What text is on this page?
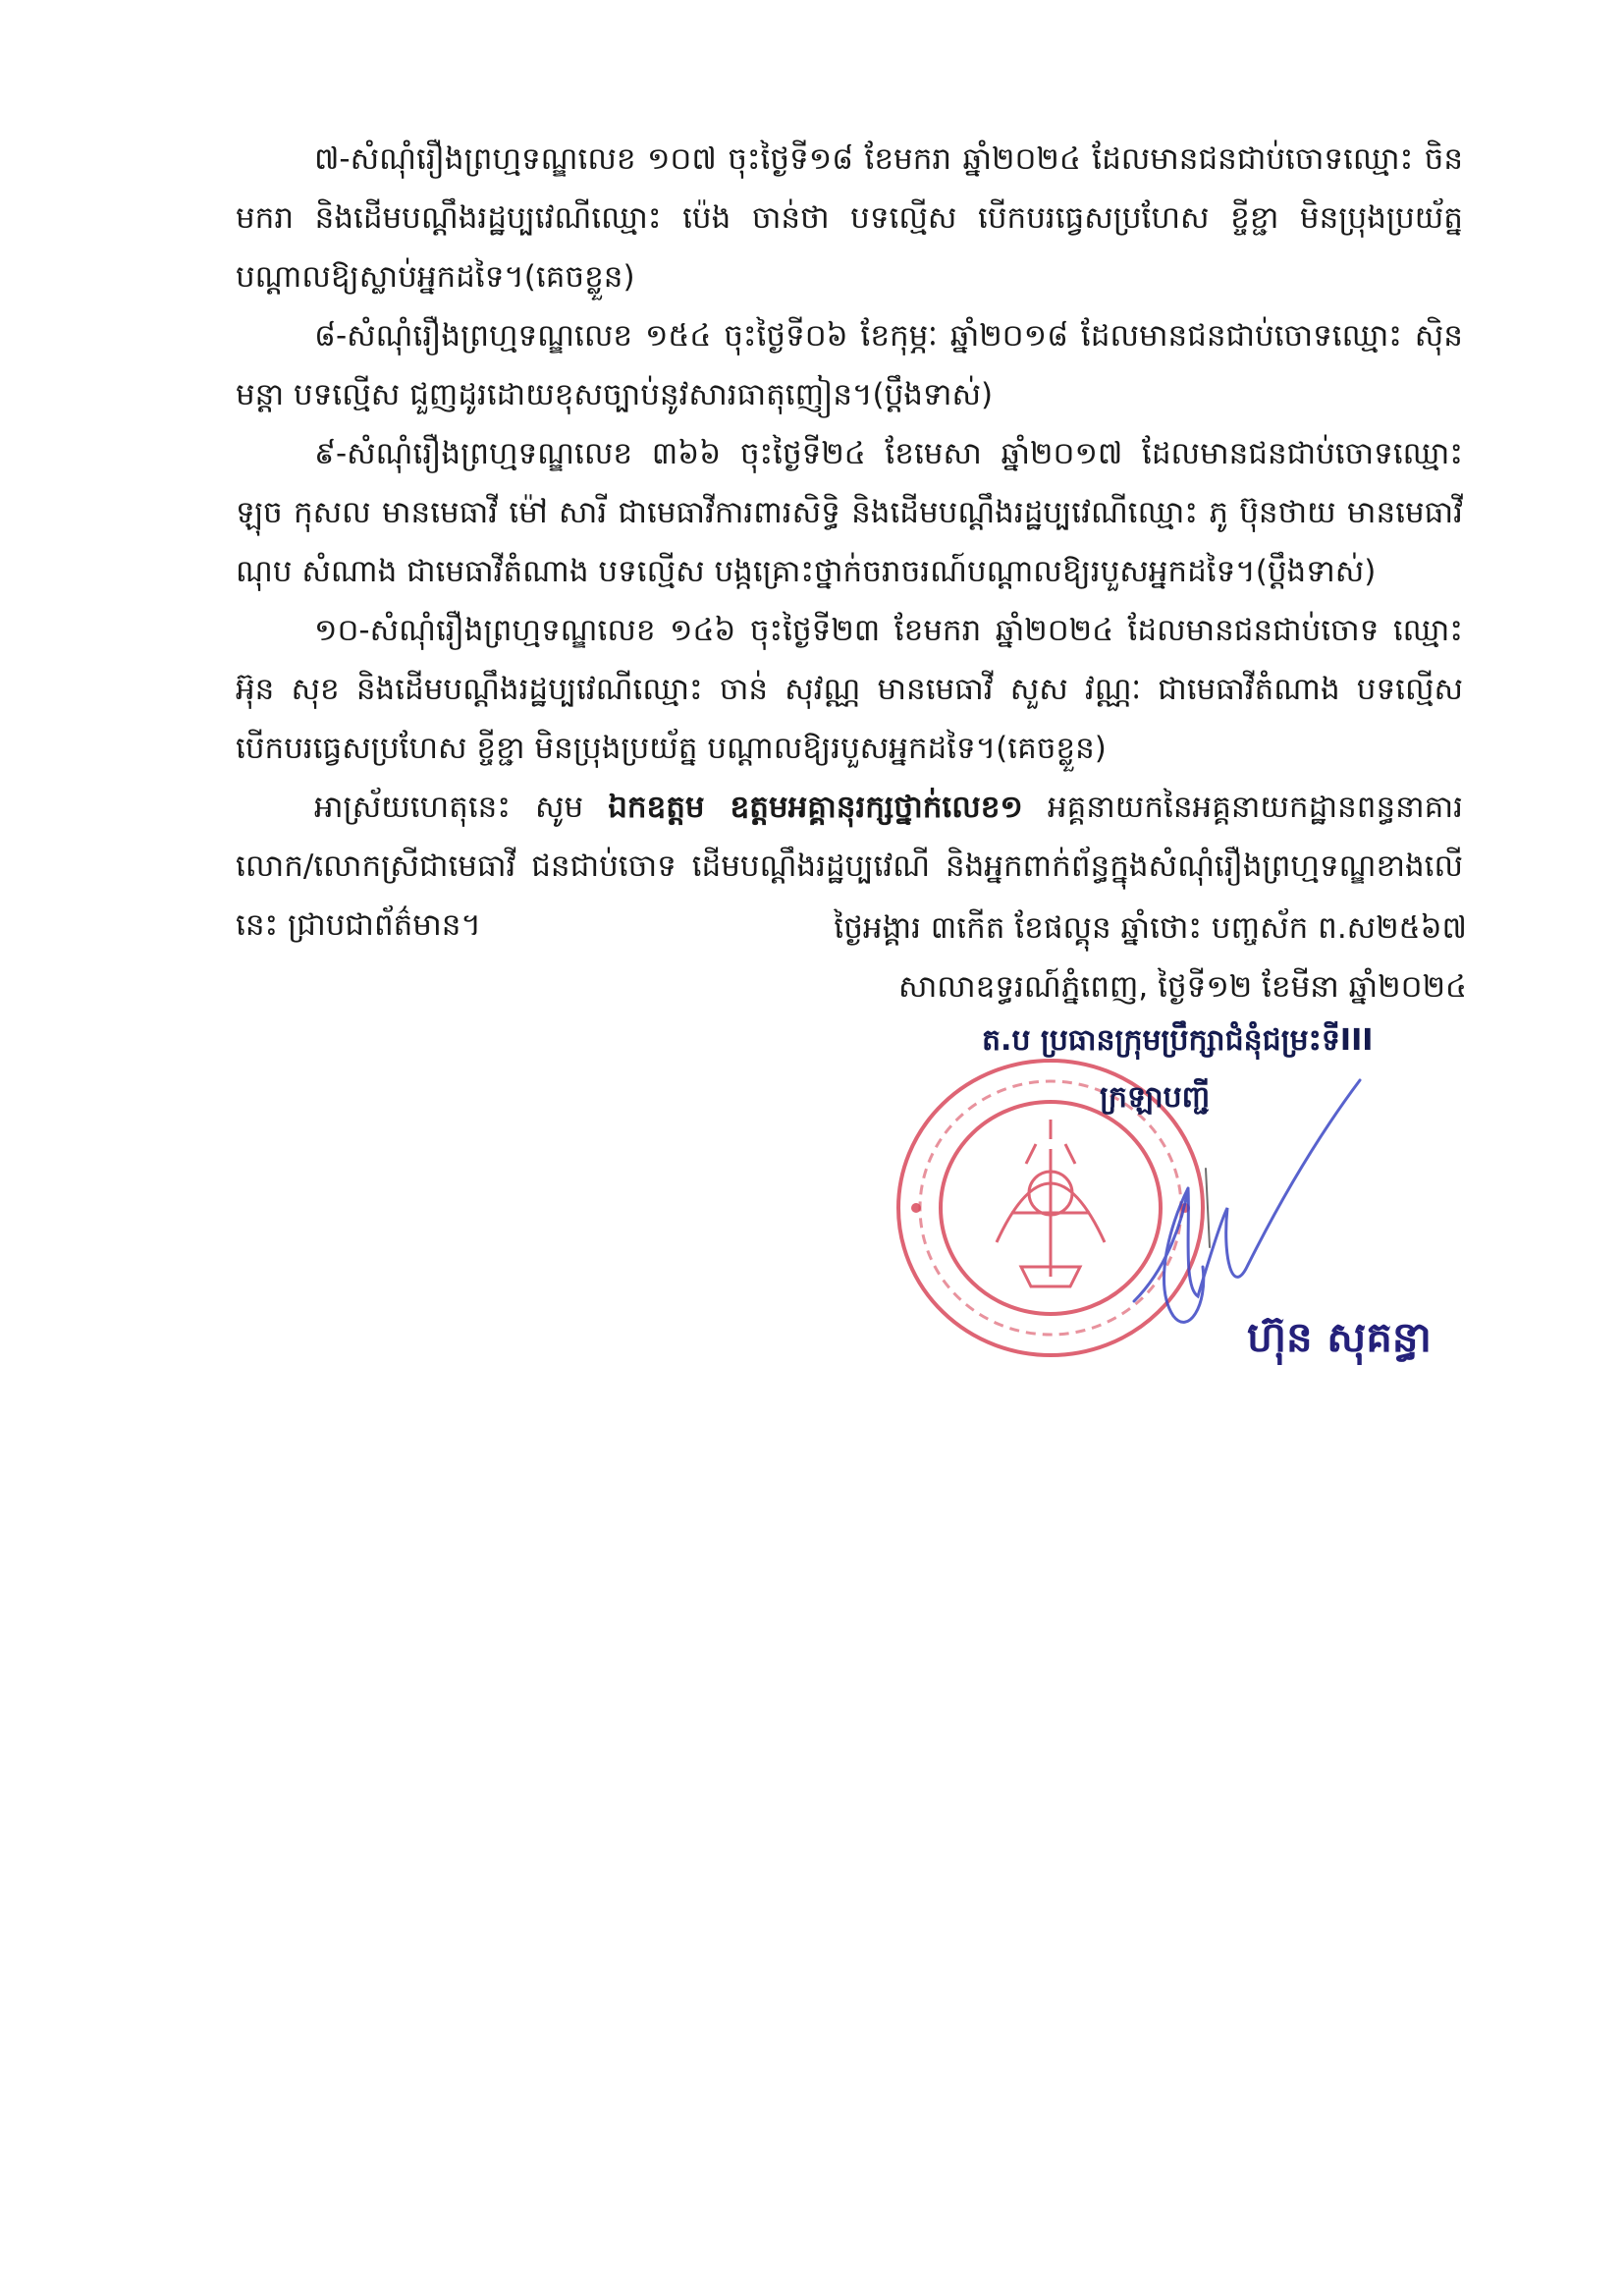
៧-សំណុំរឿងព្រហ្មទណ្ឌលេខ ១០៧ ចុះថ្ងៃទី១៨ ខែមករា ឆ្នាំ២០២៤ ដែលមានជនជាប់ចោទឈ្មោះ ចិន មករា និងដើមបណ្តឹងរដ្ឋប្បវេណីឈ្មោះ ប៉េង ចាន់ថា បទល្មើស បើកបរធ្វេសប្រហែស ខ្ចីខ្ជា មិនប្រុងប្រយ័ត្ន បណ្តាលឱ្យស្លាប់អ្នកដទៃ។(គេចខ្លួន)

៨-សំណុំរឿងព្រហ្មទណ្ឌលេខ ១៥៤ ចុះថ្ងៃទី០៦ ខែកុម្ភៈ ឆ្នាំ២០១៨ ដែលមានជនជាប់ចោទឈ្មោះ ស៊ិន មន្តា បទល្មើស ជួញដូរដោយខុសច្បាប់នូវសារធាតុញៀន។(ប្តឹងទាស់)

៩-សំណុំរឿងព្រហ្មទណ្ឌលេខ ៣៦៦ ចុះថ្ងៃទី២៤ ខែមេសា ឆ្នាំ២០១៧ ដែលមានជនជាប់ចោទឈ្មោះ ឡុច កុសល មានមេធាវី ម៉ៅ សារី ជាមេធាវីការពារសិទ្ធិ និងដើមបណ្តឹងរដ្ឋប្បវេណីឈ្មោះ ភូ ប៊ុនថាយ មានមេធាវី ណុប សំណាង ជាមេធាវីតំណាង បទល្មើស បង្កគ្រោះថ្នាក់ចរាចរណ៍បណ្តាលឱ្យរបួសអ្នកដទៃ។(ប្តឹងទាស់)

១០-សំណុំរឿងព្រហ្មទណ្ឌលេខ ១៤៦ ចុះថ្ងៃទី២៣ ខែមករា ឆ្នាំ២០២៤ ដែលមានជនជាប់ចោទ ឈ្មោះ អ៊ុន សុខ និងដើមបណ្តឹងរដ្ឋប្បវេណីឈ្មោះ ចាន់ សុវណ្ណ មានមេធាវី សួស វណ្ណៈ ជាមេធាវីតំណាង បទល្មើស បើកបរធ្វេសប្រហែស ខ្ចីខ្ជា មិនប្រុងប្រយ័ត្ន បណ្តាលឱ្យរបួសអ្នកដទៃ។(គេចខ្លួន)

អាស្រ័យហេតុនេះ សូម ឯកឧត្តម ឧត្តមអគ្គានុរក្សថ្នាក់លេខ១ អគ្គនាយកនៃអគ្គនាយកដ្ឋានពន្ធនាគារ លោក/លោកស្រីជាមេធាវី ជនជាប់ចោទ ដើមបណ្តឹងរដ្ឋប្បវេណី និងអ្នកពាក់ព័ន្ធក្នុងសំណុំរឿងព្រហ្មទណ្ឌខាងលើនេះ ជ្រាបជាព័ត៌មាន។	ថ្ងៃអង្គារ ៣កើត ខែផល្គុន ឆ្នាំថោះ បញ្ចស័ក ព.ស២៥៦៧
សាលាឧទ្ធរណ៍ភ្នំពេញ, ថ្ងៃទី១២ ខែមីនា ឆ្នាំ២០២៤
ត.ប ប្រធានក្រុមប្រឹក្សាជំនុំជម្រះទីIII
ក្រឡាបញ្ជី
ហ៊ុន សុគន្ធា
